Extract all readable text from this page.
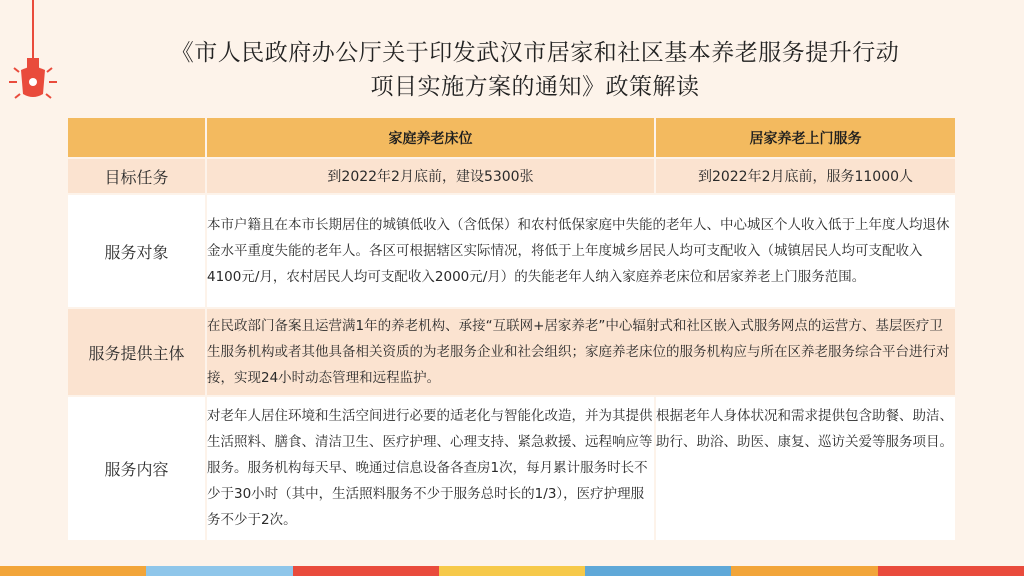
《市人民政府办公厅关于印发武汉市居家和社区基本养老服务提升行动
项目实施方案的通知》政策解读
	家庭养老床位	居家养老上门服务
目标任务	到2022年2月底前，建设5300张	到2022年2月底前，服务11000人
服务对象	本市户籍且在本市长期居住的城镇低收入（含低保）和农村低保家庭中失能的老年人、中心城区个人收入低于上年度人均退休金水平重度失能的老年人。各区可根据辖区实际情况，将低于上年度城乡居民人均可支配收入（城镇居民人均可支配收入4100元/月，农村居民人均可支配收入2000元/月）的失能老年人纳入家庭养老床位和居家养老上门服务范围。	
服务提供主体	在民政部门备案且运营满1年的养老机构、承接“互联网+居家养老”中心辐射式和社区嵌入式服务网点的运营方、基层医疗卫生服务机构或者其他具备相关资质的为老服务企业和社会组织；家庭养老床位的服务机构应与所在区养老服务综合平台进行对接，实现24小时动态管理和远程监护。	
服务内容	对老年人居住环境和生活空间进行必要的适老化与智能化改造，并为其提供生活照料、膳食、清洁卫生、医疗护理、心理支持、紧急救援、远程响应等服务。服务机构每天早、晚通过信息设备各查房1次，每月累计服务时长不少于30小时（其中，生活照料服务不少于服务总时长的1/3），医疗护理服务不少于2次。	根据老年人身体状况和需求提供包含助餐、助洁、助行、助浴、助医、康复、巡访关爱等服务项目。
